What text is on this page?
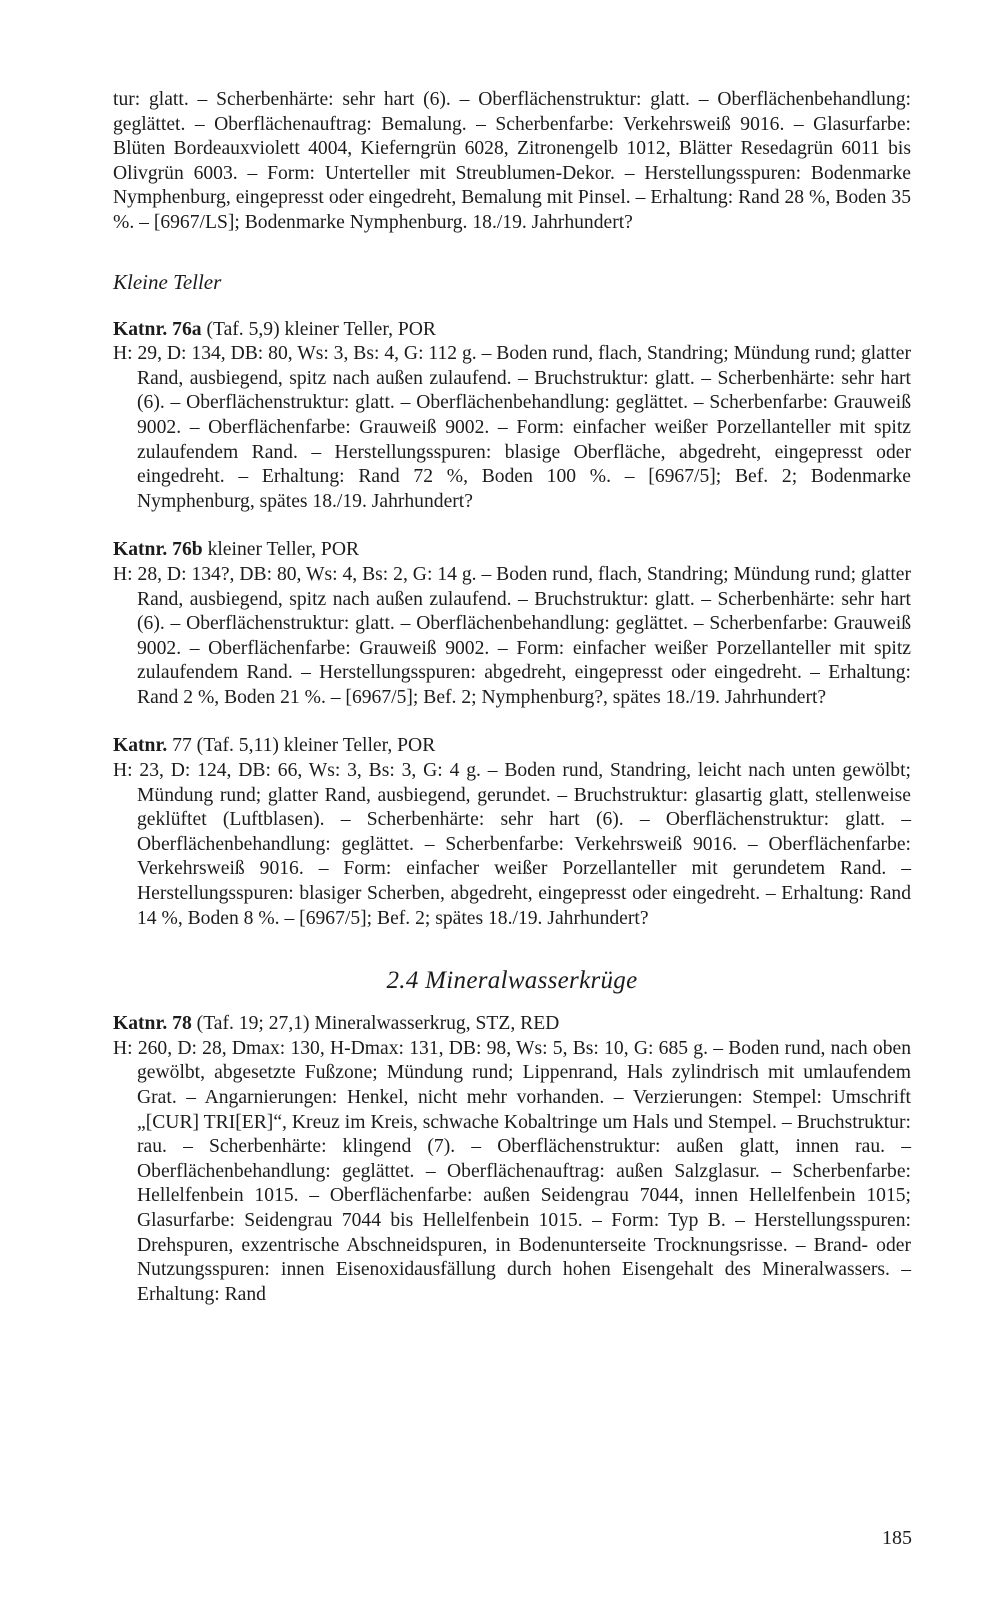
tur: glatt. – Scherbenhärte: sehr hart (6). – Oberflächenstruktur: glatt. – Oberflächenbehandlung: geglättet. – Oberflächenauftrag: Bemalung. – Scherbenfarbe: Verkehrsweiß 9016. – Glasurfarbe: Blüten Bordeauxviolett 4004, Kieferngrün 6028, Zitronengelb 1012, Blätter Resedagrün 6011 bis Olivgrün 6003. – Form: Unterteller mit Streublumen-Dekor. – Herstellungsspuren: Bodenmarke Nymphenburg, eingepresst oder eingedreht, Bemalung mit Pinsel. – Erhaltung: Rand 28 %, Boden 35 %. – [6967/LS]; Bodenmarke Nymphenburg. 18./19. Jahrhundert?

Kleine Teller

Katnr. 76a (Taf. 5,9) kleiner Teller, POR

H: 29, D: 134, DB: 80, Ws: 3, Bs: 4, G: 112 g. – Boden rund, flach, Standring; Mündung rund; glatter Rand, ausbiegend, spitz nach außen zulaufend. – Bruchstruktur: glatt. – Scherbenhärte: sehr hart (6). – Oberflächenstruktur: glatt. – Oberflächenbehandlung: geglättet. – Scherbenfarbe: Grauweiß 9002. – Oberflächenfarbe: Grauweiß 9002. – Form: einfacher weißer Porzellanteller mit spitz zulaufendem Rand. – Herstellungsspuren: blasige Oberfläche, abgedreht, eingepresst oder eingedreht. – Erhaltung: Rand 72 %, Boden 100 %. – [6967/5]; Bef. 2; Bodenmarke Nymphenburg, spätes 18./19. Jahrhundert?

Katnr. 76b kleiner Teller, POR

H: 28, D: 134?, DB: 80, Ws: 4, Bs: 2, G: 14 g. – Boden rund, flach, Standring; Mündung rund; glatter Rand, ausbiegend, spitz nach außen zulaufend. – Bruchstruktur: glatt. – Scherbenhärte: sehr hart (6). – Oberflächenstruktur: glatt. – Oberflächenbehandlung: geglättet. – Scherbenfarbe: Grauweiß 9002. – Oberflächenfarbe: Grauweiß 9002. – Form: einfacher weißer Porzellanteller mit spitz zulaufendem Rand. – Herstellungsspuren: abgedreht, eingepresst oder eingedreht. – Erhaltung: Rand 2 %, Boden 21 %. – [6967/5]; Bef. 2; Nymphenburg?, spätes 18./19. Jahrhundert?

Katnr. 77 (Taf. 5,11) kleiner Teller, POR

H: 23, D: 124, DB: 66, Ws: 3, Bs: 3, G: 4 g. – Boden rund, Standring, leicht nach unten gewölbt; Mündung rund; glatter Rand, ausbiegend, gerundet. – Bruchstruktur: glasartig glatt, stellenweise geklüftet (Luftblasen). – Scherbenhärte: sehr hart (6). – Oberflächenstruktur: glatt. – Oberflächenbehandlung: geglättet. – Scherbenfarbe: Verkehrsweiß 9016. – Oberflächenfarbe: Verkehrsweiß 9016. – Form: einfacher weißer Porzellanteller mit gerundetem Rand. – Herstellungsspuren: blasiger Scherben, abgedreht, eingepresst oder eingedreht. – Erhaltung: Rand 14 %, Boden 8 %. – [6967/5]; Bef. 2; spätes 18./19. Jahrhundert?

2.4 Mineralwasserkrüge

Katnr. 78 (Taf. 19; 27,1) Mineralwasserkrug, STZ, RED

H: 260, D: 28, Dmax: 130, H-Dmax: 131, DB: 98, Ws: 5, Bs: 10, G: 685 g. – Boden rund, nach oben gewölbt, abgesetzte Fußzone; Mündung rund; Lippenrand, Hals zylindrisch mit umlaufendem Grat. – Angarnierungen: Henkel, nicht mehr vorhanden. – Verzierungen: Stempel: Umschrift „[CUR] TRI[ER]“, Kreuz im Kreis, schwache Kobaltringe um Hals und Stempel. – Bruchstruktur: rau. – Scherbenhärte: klingend (7). – Oberflächenstruktur: außen glatt, innen rau. – Oberflächenbehandlung: geglättet. – Oberflächenauftrag: außen Salzglasur. – Scherbenfarbe: Hellelfenbein 1015. – Oberflächenfarbe: außen Seidengrau 7044, innen Hellelfenbein 1015; Glasurfarbe: Seidengrau 7044 bis Hellelfenbein 1015. – Form: Typ B. – Herstellungsspuren: Drehspuren, exzentrische Abschneidspuren, in Bodenunterseite Trocknungsrisse. – Brand- oder Nutzungsspuren: innen Eisenoxidausfällung durch hohen Eisengehalt des Mineralwassers. – Erhaltung: Rand

185
